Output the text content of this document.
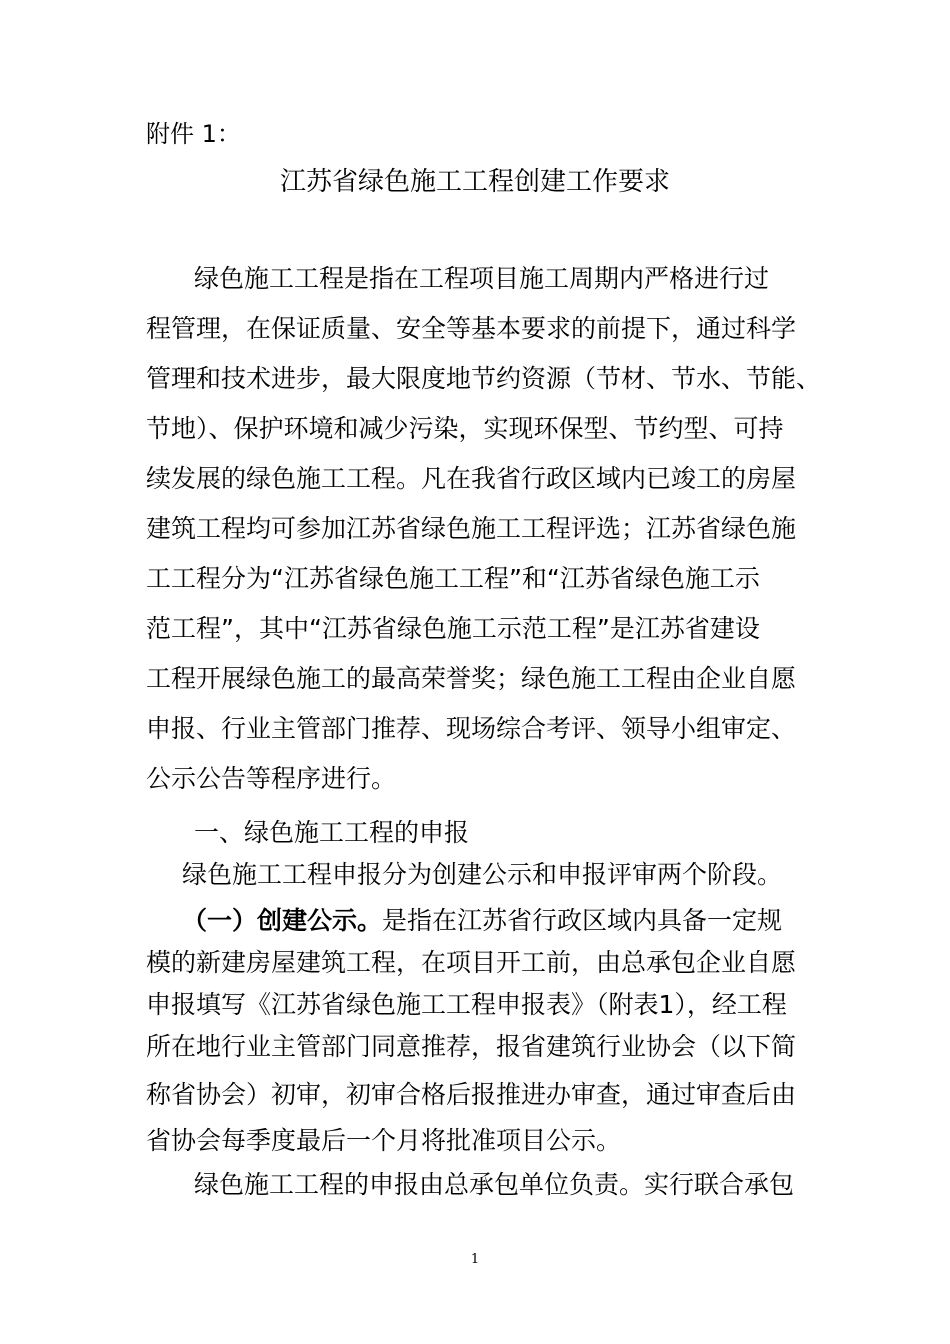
附件 1：
江苏省绿色施工工程创建工作要求
绿色施工工程是指在工程项目施工周期内严格进行过
程管理，在保证质量、安全等基本要求的前提下，通过科学
管理和技术进步，最大限度地节约资源（节材、节水、节能、
节地）、保护环境和减少污染，实现环保型、节约型、可持
续发展的绿色施工工程。凡在我省行政区域内已竣工的房屋
建筑工程均可参加江苏省绿色施工工程评选；江苏省绿色施
工工程分为“江苏省绿色施工工程”和“江苏省绿色施工示
范工程”，其中“江苏省绿色施工示范工程”是江苏省建设
工程开展绿色施工的最高荣誉奖；绿色施工工程由企业自愿
申报、行业主管部门推荐、现场综合考评、领导小组审定、
公示公告等程序进行。
一、绿色施工工程的申报
绿色施工工程申报分为创建公示和申报评审两个阶段。
（一）创建公示。是指在江苏省行政区域内具备一定规
模的新建房屋建筑工程，在项目开工前，由总承包企业自愿
申报填写《江苏省绿色施工工程申报表》（附表1），经工程
所在地行业主管部门同意推荐，报省建筑行业协会（以下简
称省协会）初审，初审合格后报推进办审查，通过审查后由
省协会每季度最后一个月将批准项目公示。
绿色施工工程的申报由总承包单位负责。实行联合承包
1
